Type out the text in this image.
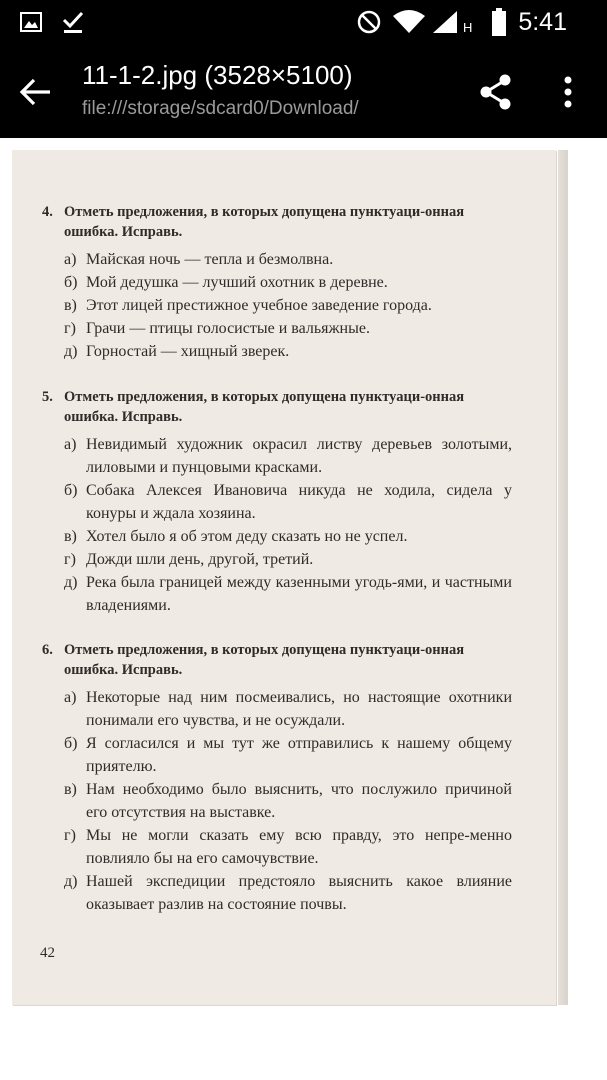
H 5:41
11-1-2.jpg (3528×5100)
file:///storage/sdcard0/Download/
4. Отметь предложения, в которых допущена пунктуаци-онная ошибка. Исправь.
а) Майская ночь — тепла и безмолвна.
б) Мой дедушка — лучший охотник в деревне.
в) Этот лицей престижное учебное заведение города.
г) Грачи — птицы голосистые и вальяжные.
д) Горностай — хищный зверек.
5. Отметь предложения, в которых допущена пунктуаци-онная ошибка. Исправь.
а) Невидимый художник окрасил листву деревьев золотыми, лиловыми и пунцовыми красками.
б) Собака Алексея Ивановича никуда не ходила, сидела у конуры и ждала хозяина.
в) Хотел было я об этом деду сказать но не успел.
г) Дожди шли день, другой, третий.
д) Река была границей между казенными угодь-ями, и частными владениями.
6. Отметь предложения, в которых допущена пунктуаци-онная ошибка. Исправь.
а) Некоторые над ним посмеивались, но настоящие охотники понимали его чувства, и не осуждали.
б) Я согласился и мы тут же отправились к нашему общему приятелю.
в) Нам необходимо было выяснить, что послужило причиной его отсутствия на выставке.
г) Мы не могли сказать ему всю правду, это непре-менно повлияло бы на его самочувствие.
д) Нашей экспедиции предстояло выяснить какое влияние оказывает разлив на состояние почвы.
42
